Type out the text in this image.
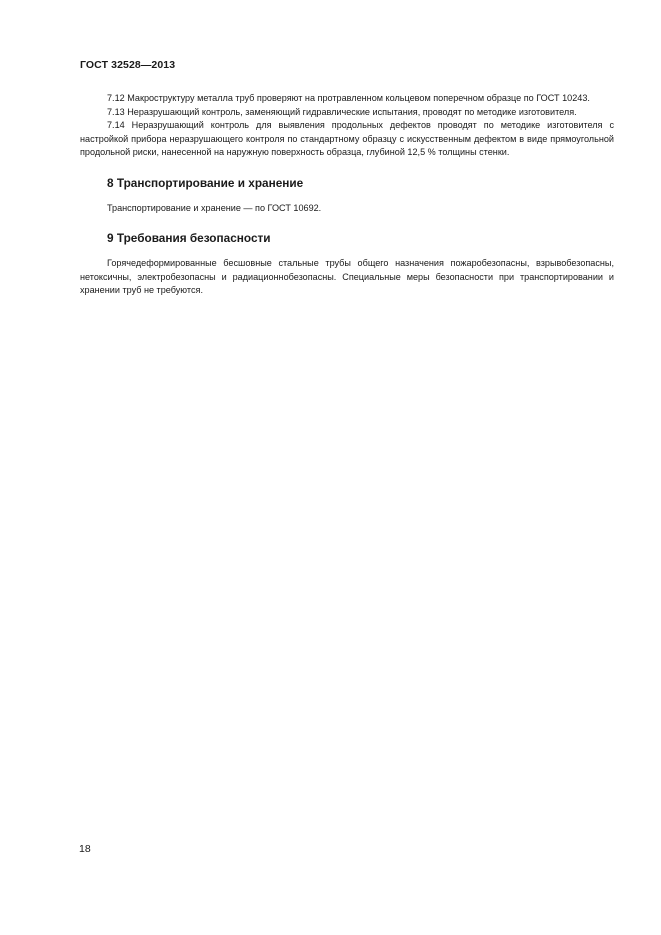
ГОСТ 32528—2013

7.12 Макроструктуру металла труб проверяют на протравленном кольцевом поперечном образце по ГОСТ 10243.

7.13 Неразрушающий контроль, заменяющий гидравлические испытания, проводят по методике изготовителя.

7.14 Неразрушающий контроль для выявления продольных дефектов проводят по методике изготовителя с настройкой прибора неразрушающего контроля по стандартному образцу с искусственным дефектом в виде прямоугольной продольной риски, нанесенной на наружную поверхность образца, глубиной 12,5 % толщины стенки.

8 Транспортирование и хранение

Транспортирование и хранение — по ГОСТ 10692.

9 Требования безопасности

Горячедеформированные бесшовные стальные трубы общего назначения пожаробезопасны, взрывобезопасны, нетоксичны, электробезопасны и радиационнобезопасны. Специальные меры безопасности при транспортировании и хранении труб не требуются.

18
